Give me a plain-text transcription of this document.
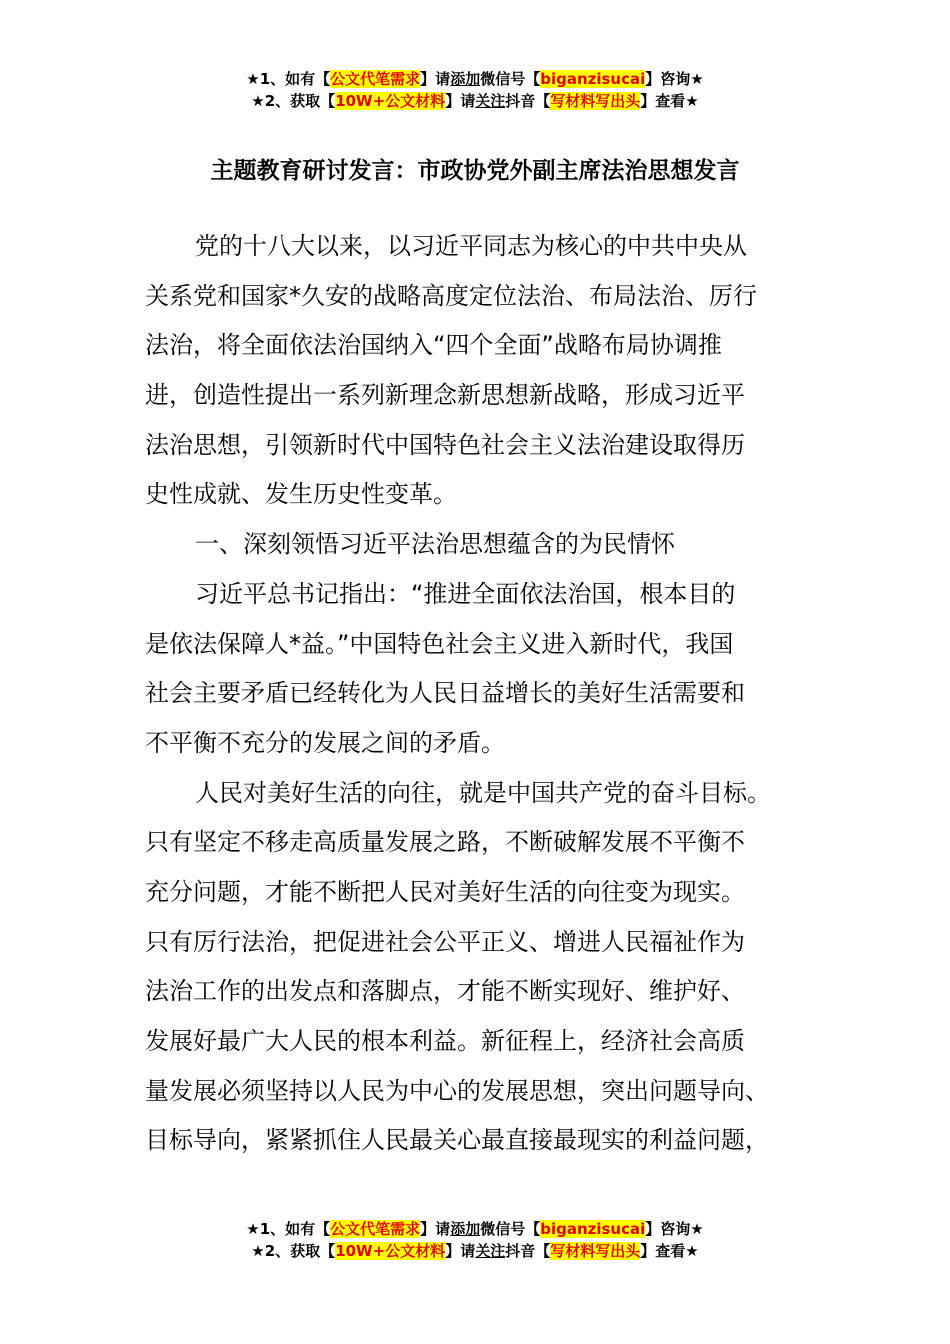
★1、如有【公文代笔需求】请添加微信号【biganzisucai】咨询★
★2、获取【10W+公文材料】请关注抖音【写材料写出头】查看★
主题教育研讨发言：市政协党外副主席法治思想发言
党的十八大以来，以习近平同志为核心的中共中央从
关系党和国家*久安的战略高度定位法治、布局法治、厉行
法治，将全面依法治国纳入“四个全面”战略布局协调推
进，创造性提出一系列新理念新思想新战略，形成习近平
法治思想，引领新时代中国特色社会主义法治建设取得历
史性成就、发生历史性变革。
一、深刻领悟习近平法治思想蕴含的为民情怀
习近平总书记指出：“推进全面依法治国，根本目的
是依法保障人*益。”中国特色社会主义进入新时代，我国
社会主要矛盾已经转化为人民日益增长的美好生活需要和
不平衡不充分的发展之间的矛盾。
人民对美好生活的向往，就是中国共产党的奋斗目标。
只有坚定不移走高质量发展之路，不断破解发展不平衡不
充分问题，才能不断把人民对美好生活的向往变为现实。
只有厉行法治，把促进社会公平正义、增进人民福祉作为
法治工作的出发点和落脚点，才能不断实现好、维护好、
发展好最广大人民的根本利益。新征程上，经济社会高质
量发展必须坚持以人民为中心的发展思想，突出问题导向、
目标导向，紧紧抓住人民最关心最直接最现实的利益问题，
★1、如有【公文代笔需求】请添加微信号【biganzisucai】咨询★
★2、获取【10W+公文材料】请关注抖音【写材料写出头】查看★
